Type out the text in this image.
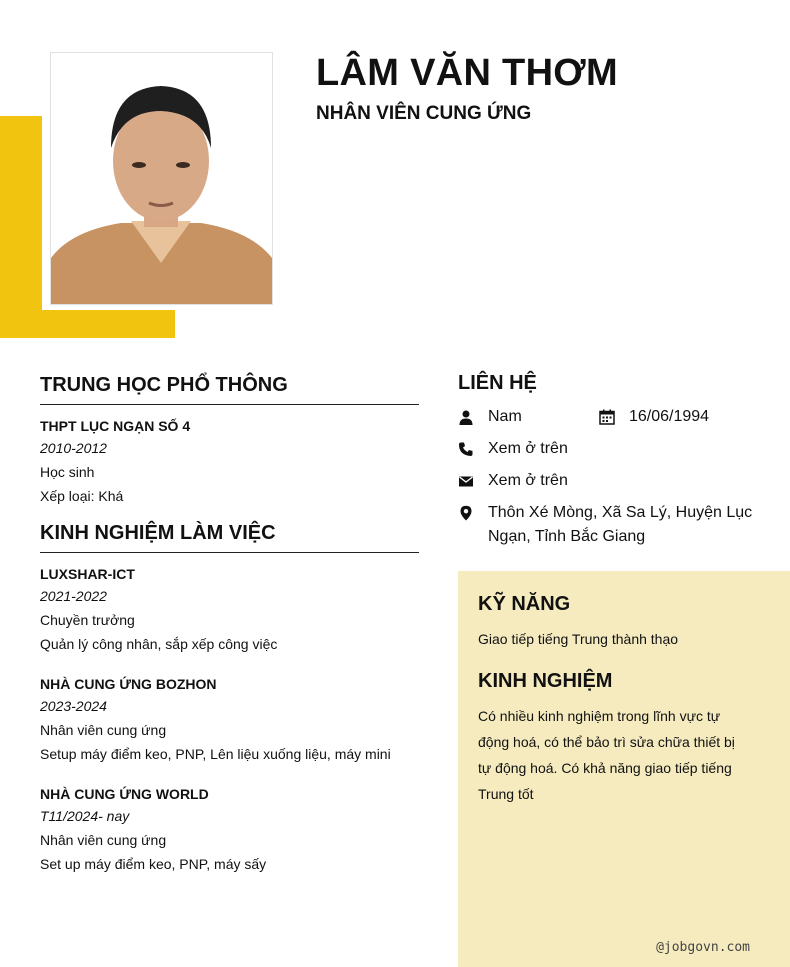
LÂM VĂN THƠM
NHÂN VIÊN CUNG ỨNG
TRUNG HỌC PHỔ THÔNG

THPT LỤC NGẠN SỐ 4

2010-2012

Học sinh

Xếp loại: Khá

KINH NGHIỆM LÀM VIỆC

LUXSHAR-ICT

2021-2022

Chuyền trưởng

Quản lý công nhân, sắp xếp công việc

NHÀ CUNG ỨNG BOZHON

2023-2024

Nhân viên cung ứng

Setup máy điểm keo, PNP, Lên liệu xuống liệu, máy mini

NHÀ CUNG ỨNG WORLD

T11/2024- nay

Nhân viên cung ứng

Set up máy điểm keo, PNP, máy sấy

LIÊN HỆ
Nam	16/06/1994
Xem ở trên
Xem ở trên
Thôn Xé Mòng, Xã Sa Lý, Huyện Lục Ngạn, Tỉnh Bắc Giang
KỸ NĂNG

Giao tiếp tiếng Trung thành thạo

KINH NGHIỆM

Có nhiều kinh nghiệm trong lĩnh vực tự động hoá, có thể bảo trì sửa chữa thiết bị tự động hoá. Có khả năng giao tiếp tiếng Trung tốt

@jobgovn.com
